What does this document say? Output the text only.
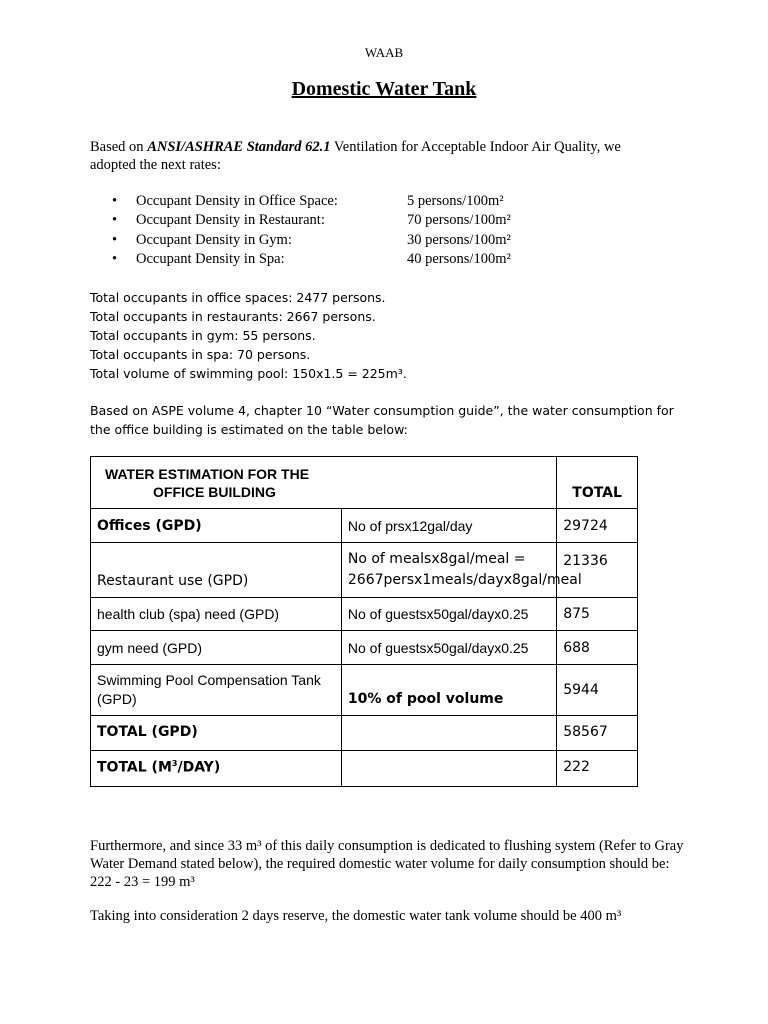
WAAB
Domestic Water Tank
Based on ANSI/ASHRAE Standard 62.1 Ventilation for Acceptable Indoor Air Quality, we adopted the next rates:
• Occupant Density in Office Space:	5 persons/100m²
• Occupant Density in Restaurant:	70 persons/100m²
• Occupant Density in Gym:	30 persons/100m²
• Occupant Density in Spa:	40 persons/100m²
Total occupants in office spaces: 2477 persons.
Total occupants in restaurants: 2667 persons.
Total occupants in gym: 55 persons.
Total occupants in spa: 70 persons.
Total volume of swimming pool: 150x1.5 = 225m³.
Based on ASPE volume 4, chapter 10 “Water consumption guide”, the water consumption for the office building is estimated on the table below:
WATER ESTIMATION FOR THE
OFFICE BUILDING		TOTAL
Offices (GPD)	No of prsx12gal/day	29724
Restaurant use (GPD)	No of mealsx8gal/meal =
2667persx1meals/dayx8gal/meal	21336
health club (spa) need (GPD)	No of guestsx50gal/dayx0.25	875
gym need (GPD)	No of guestsx50gal/dayx0.25	688
Swimming Pool Compensation Tank (GPD)	10% of pool volume	5944
TOTAL (GPD)		58567
TOTAL $(M^3/DAY)$		222
Furthermore, and since 33 m³ of this daily consumption is dedicated to flushing system (Refer to Gray Water Demand stated below), the required domestic water volume for daily consumption should be: 222 - 23 = 199 m³
Taking into consideration 2 days reserve, the domestic water tank volume should be 400 m³
